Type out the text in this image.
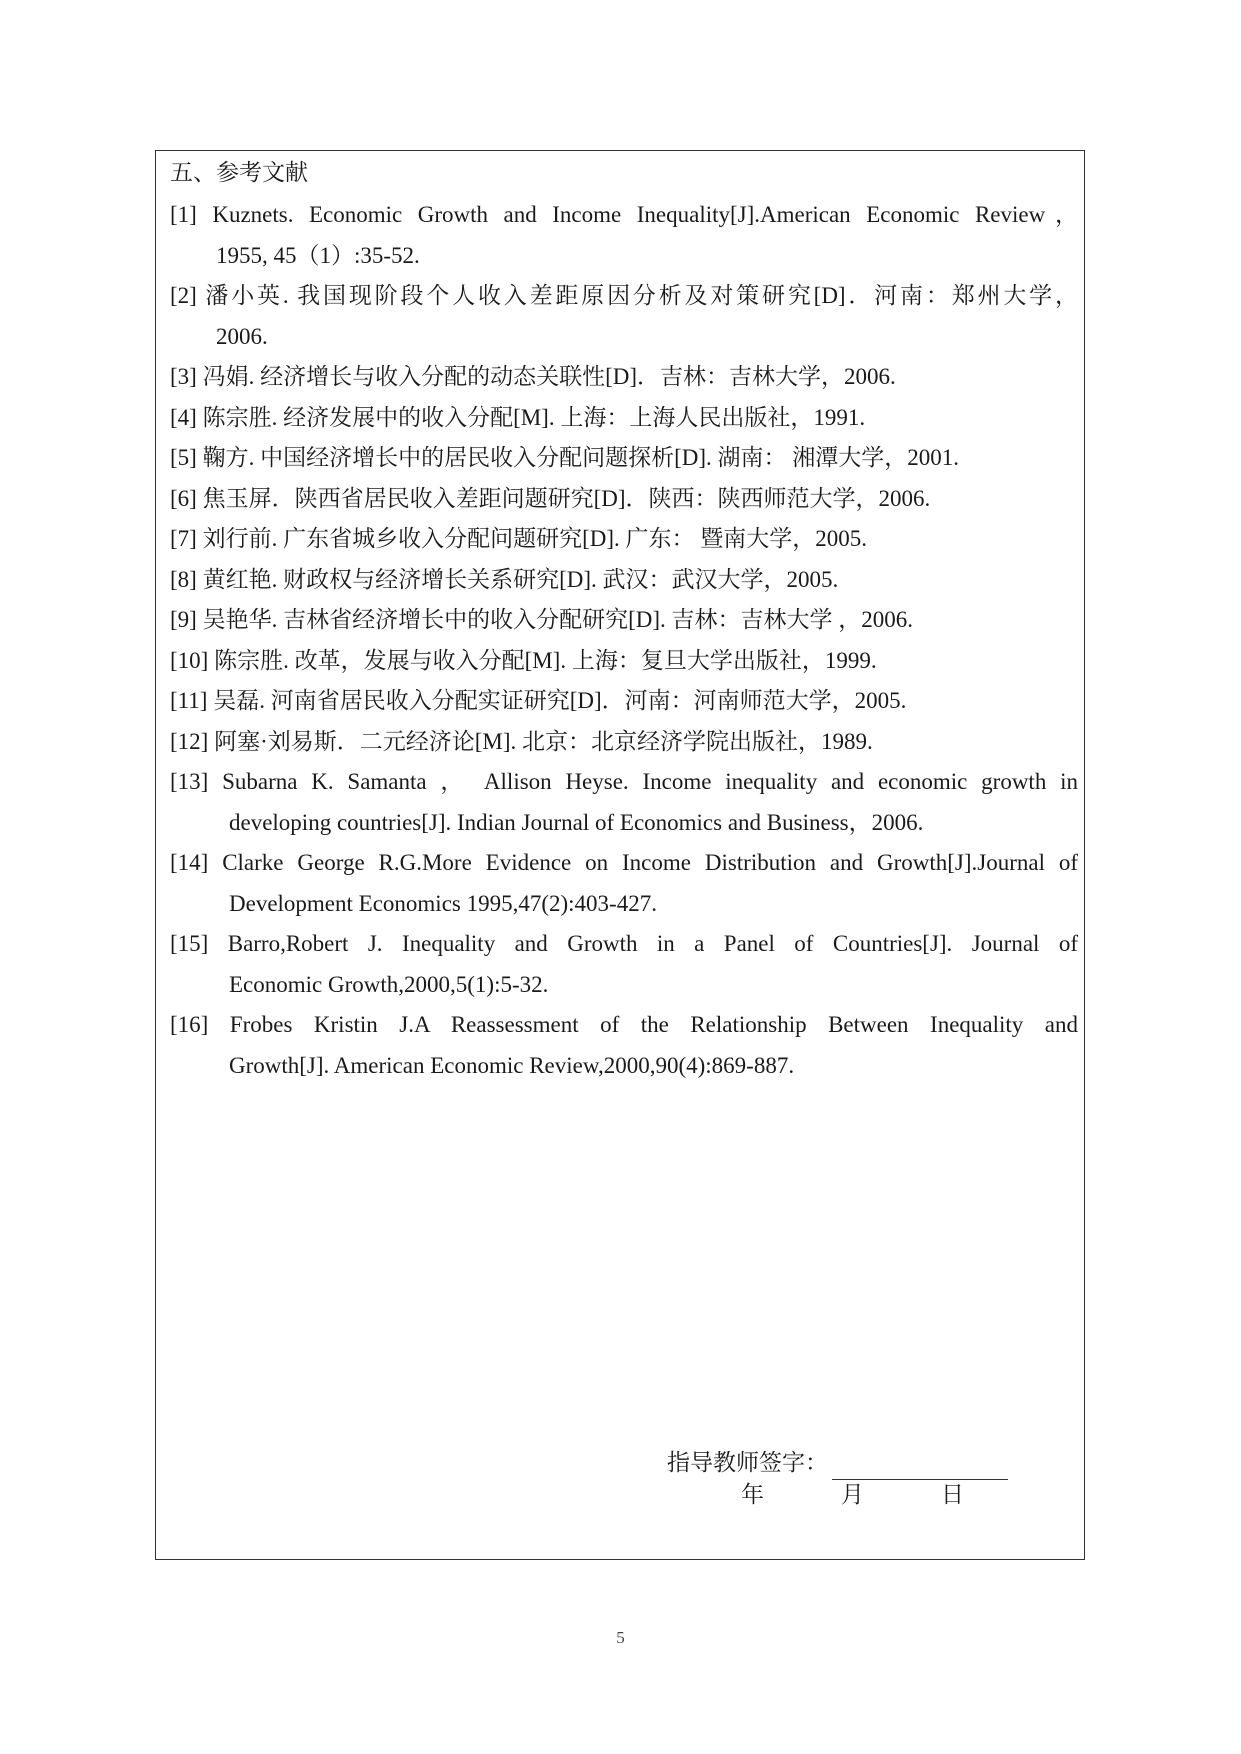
五、参考文献
[1] Kuznets. Economic Growth and Income Inequality[J].American Economic Review，
1955, 45（1）:35-52.
[2] 潘小英. 我国现阶段个人收入差距原因分析及对策研究[D]．河南：郑州大学，
2006.
[3] 冯娟. 经济增长与收入分配的动态关联性[D]．吉林：吉林大学，2006.
[4] 陈宗胜. 经济发展中的收入分配[M]. 上海：上海人民出版社，1991.
[5] 鞠方. 中国经济增长中的居民收入分配问题探析[D]. 湖南： 湘潭大学，2001.
[6] 焦玉屏．陕西省居民收入差距问题研究[D]．陕西：陕西师范大学，2006.
[7] 刘行前. 广东省城乡收入分配问题研究[D]. 广东： 暨南大学，2005.
[8] 黄红艳. 财政权与经济增长关系研究[D]. 武汉：武汉大学，2005.
[9] 吴艳华. 吉林省经济增长中的收入分配研究[D]. 吉林：吉林大学 ，2006.
[10] 陈宗胜. 改革，发展与收入分配[M]. 上海：复旦大学出版社，1999.
[11] 吴磊. 河南省居民收入分配实证研究[D]．河南：河南师范大学，2005.
[12] 阿塞·刘易斯．二元经济论[M]. 北京：北京经济学院出版社，1989.
[13] Subarna K. Samanta ， Allison Heyse. Income inequality and economic growth in
developing countries[J]. Indian Journal of Economics and Business，2006.
[14] Clarke George R.G.More Evidence on Income Distribution and Growth[J].Journal of
Development Economics 1995,47(2):403-427.
[15] Barro,Robert J. Inequality and Growth in a Panel of Countries[J]. Journal of
Economic Growth,2000,5(1):5-32.
[16] Frobes Kristin J.A Reassessment of the Relationship Between Inequality and
Growth[J]. American Economic Review,2000,90(4):869-887.
指导教师签字：
年	月	日
5
